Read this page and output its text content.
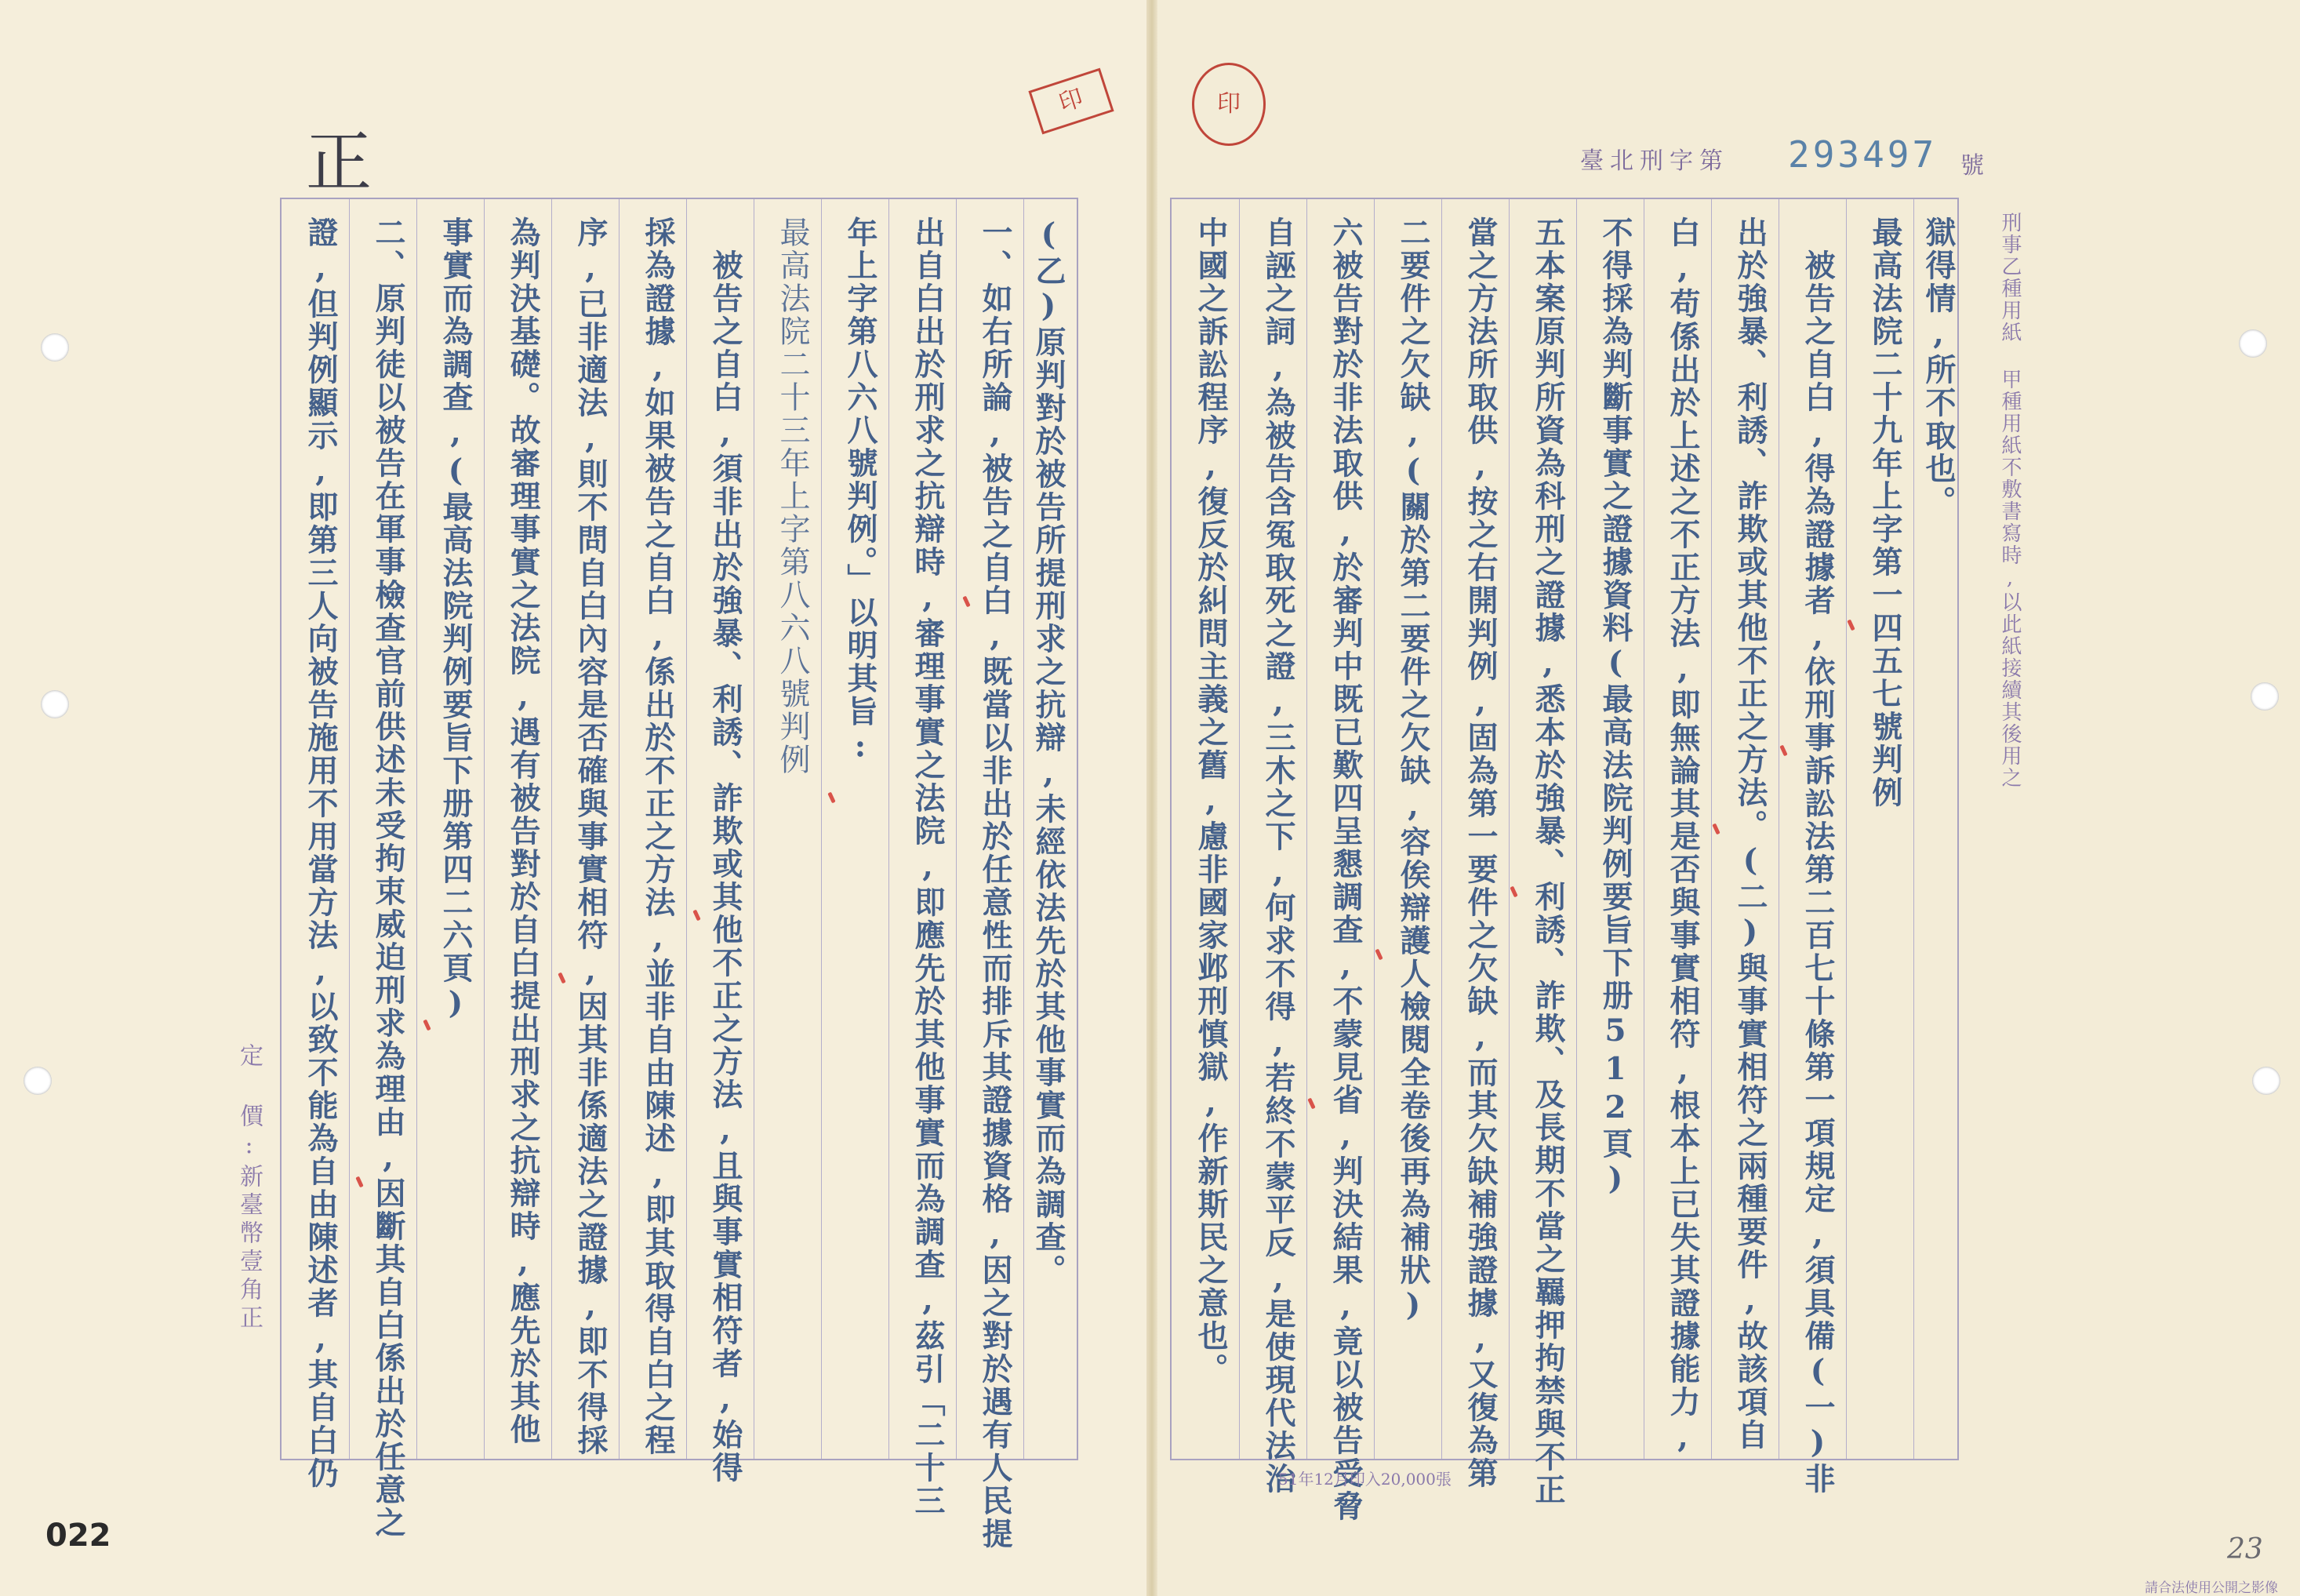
正
印	印
臺北刑字第 293497 號
刑事乙種用紙 甲種用紙不敷書寫時,以此紙接續其後用之
中國之訴訟程序,復反於糾問主義之舊,慮非國家邺刑慎獄,作新斯民之意也。 自誣之詞,為被告含冤取死之證,三木之下,何求不得,若終不蒙平反,是使現代法治 六被告對於非法取供,於審判中既已歎四呈懇調查,不蒙見省,判決結果,竟以被告受脅 二要件之欠缺,(關於第二要件之欠缺,容俟辯護人檢閱全卷後再為補狀) 當之方法所取供,按之右開判例,固為第一要件之欠缺,而其欠缺補強證據,又復為第 五本案原判所資為科刑之證據,悉本於強暴、利誘、詐欺、及長期不當之羈押拘禁與不正 不得採為判斷事實之證據資料(最高法院判例要旨下册512頁) 白,苟係出於上述之不正方法,即無論其是否與事實相符,根本上已失其證據能力, 出於強暴、利誘、詐欺或其他不正之方法。(二)與事實相符之兩種要件,故該項自 　被告之自白,得為證據者,依刑事訴訟法第二百七十條第一項規定,須具備(一)非 最高法院二十九年上字第一四五七號判例 獄得情,所不取也。
證,但判例顯示,即第三人向被告施用不用當方法,以致不能為自由陳述者,其自白仍 二、原判徒以被告在軍事檢查官前供述未受拘束威迫刑求為理由,因斷其自白係出於任意之 事實而為調查,(最高法院判例要旨下册第四二六頁) 為判決基礎。故審理事實之法院,遇有被告對於自白提出刑求之抗辯時,應先於其他 序,已非適法,則不問自白內容是否確與事實相符,因其非係適法之證據,即不得採 採為證據,如果被告之自白,係出於不正之方法,並非自由陳述,即其取得自白之程 　被告之自白,須非出於強暴、利誘、詐欺或其他不正之方法,且與事實相符者,始得 最高法院二十三年上字第八六八號判例 年上字第八六八號判例。」以明其旨: 出自白出於刑求之抗辯時,審理事實之法院,即應先於其他事實而為調查,茲引「二十三 一、如右所論,被告之自白,既當以非出於任意性而排斥其證據資格,因之對於遇有人民提 (乙)原判對於被告所提刑求之抗辯,未經依法先於其他事實而為調查。
定 價:新臺幣壹角正
51年12月印入20,000張
請合法使用公開之影像
23
022
